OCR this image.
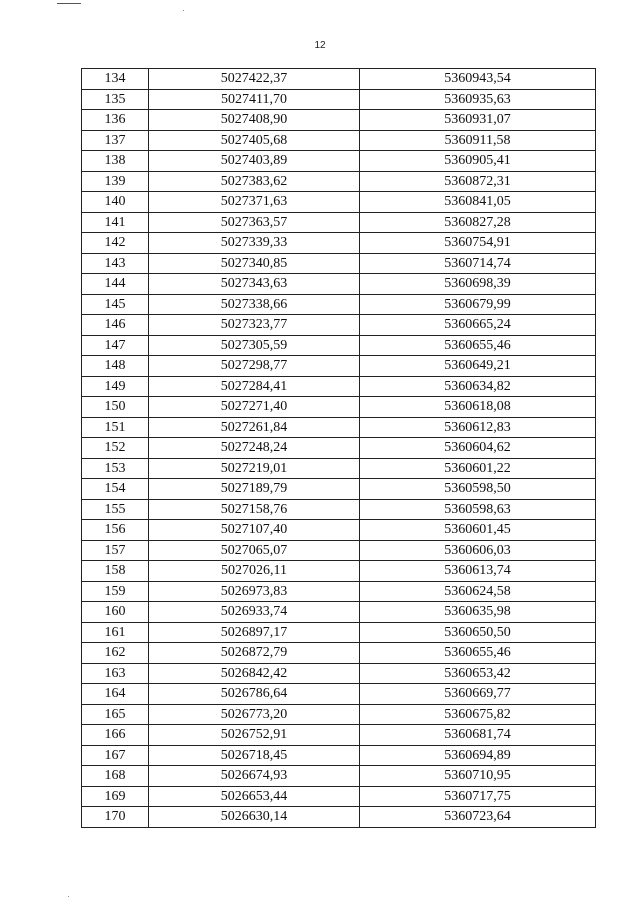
12
134	5027422,37	5360943,54
135	5027411,70	5360935,63
136	5027408,90	5360931,07
137	5027405,68	5360911,58
138	5027403,89	5360905,41
139	5027383,62	5360872,31
140	5027371,63	5360841,05
141	5027363,57	5360827,28
142	5027339,33	5360754,91
143	5027340,85	5360714,74
144	5027343,63	5360698,39
145	5027338,66	5360679,99
146	5027323,77	5360665,24
147	5027305,59	5360655,46
148	5027298,77	5360649,21
149	5027284,41	5360634,82
150	5027271,40	5360618,08
151	5027261,84	5360612,83
152	5027248,24	5360604,62
153	5027219,01	5360601,22
154	5027189,79	5360598,50
155	5027158,76	5360598,63
156	5027107,40	5360601,45
157	5027065,07	5360606,03
158	5027026,11	5360613,74
159	5026973,83	5360624,58
160	5026933,74	5360635,98
161	5026897,17	5360650,50
162	5026872,79	5360655,46
163	5026842,42	5360653,42
164	5026786,64	5360669,77
165	5026773,20	5360675,82
166	5026752,91	5360681,74
167	5026718,45	5360694,89
168	5026674,93	5360710,95
169	5026653,44	5360717,75
170	5026630,14	5360723,64
